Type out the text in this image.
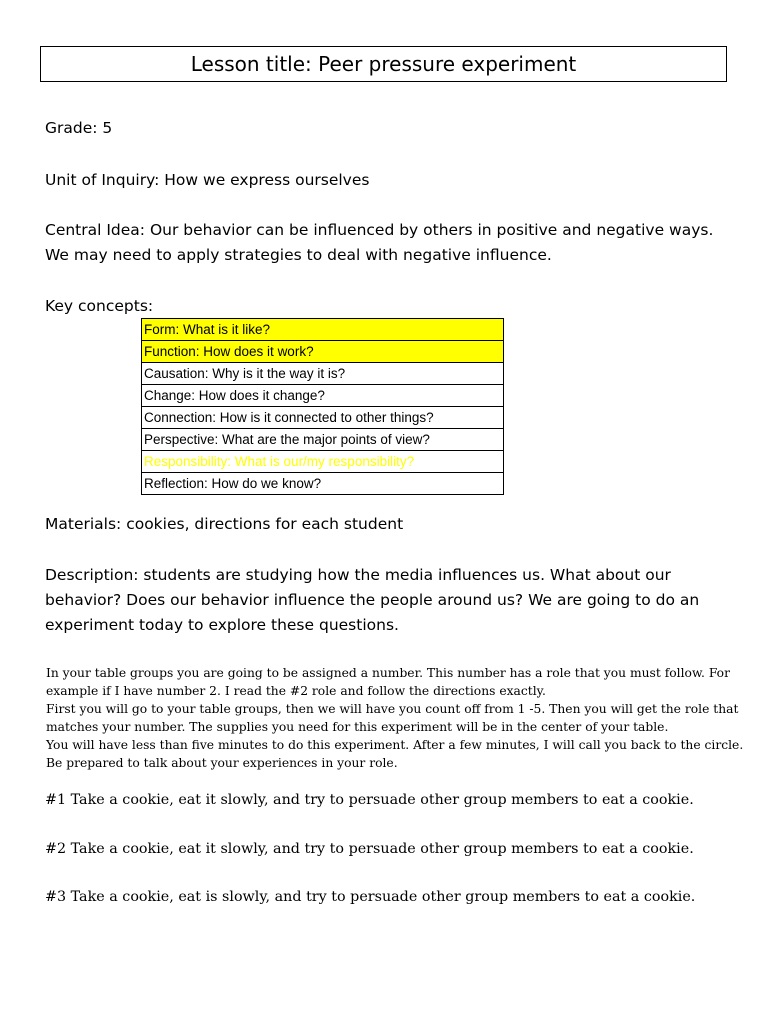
Lesson title: Peer pressure experiment
Grade: 5
Unit of Inquiry: How we express ourselves
Central Idea: Our behavior can be influenced by others in positive and negative ways. We may need to apply strategies to deal with negative influence.
Key concepts:
Form: What is it like?
Function: How does it work?
Causation: Why is it the way it is?
Change: How does it change?
Connection: How is it connected to other things?
Perspective: What are the major points of view?
Responsibility: What is our/my responsibility?
Reflection: How do we know?
Materials: cookies, directions for each student
Description: students are studying how the media influences us. What about our behavior? Does our behavior influence the people around us? We are going to do an experiment today to explore these questions.

In your table groups you are going to be assigned a number. This number has a role that you must follow. For example if I have number 2. I read the #2 role and follow the directions exactly.

First you will go to your table groups, then we will have you count off from 1 -5. Then you will get the role that matches your number. The supplies you need for this experiment will be in the center of your table.

You will have less than five minutes to do this experiment. After a few minutes, I will call you back to the circle. Be prepared to talk about your experiences in your role.

#1 Take a cookie, eat it slowly, and try to persuade other group members to eat a cookie.
#2 Take a cookie, eat it slowly, and try to persuade other group members to eat a cookie.
#3 Take a cookie, eat is slowly, and try to persuade other group members to eat a cookie.
